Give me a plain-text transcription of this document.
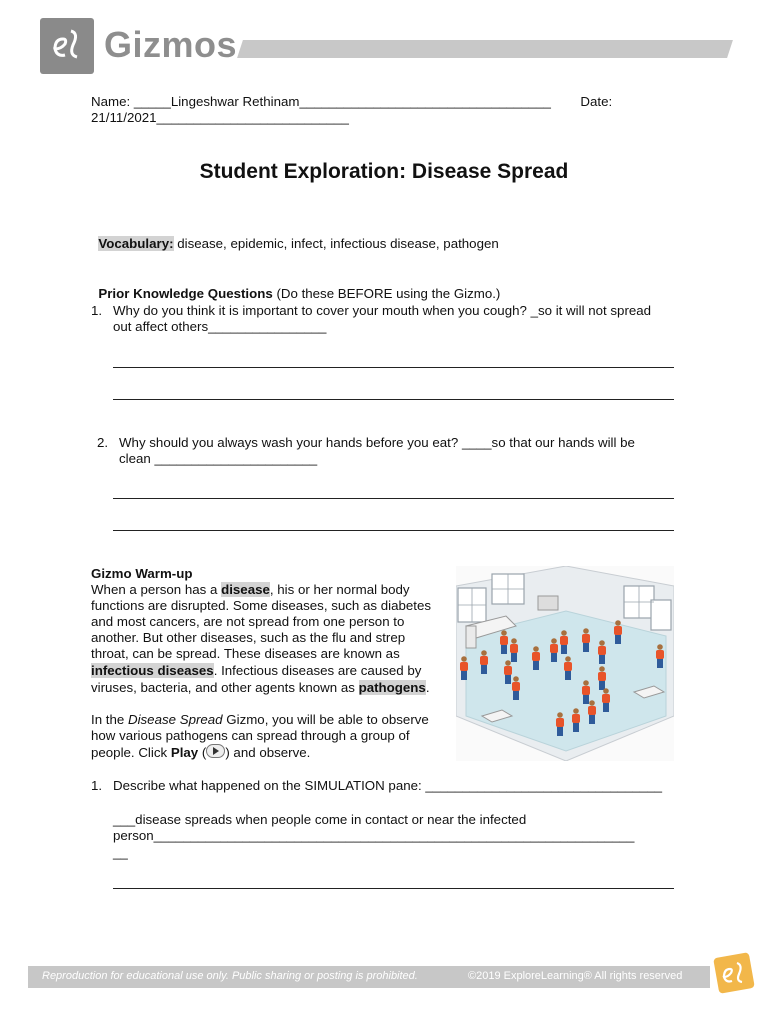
Gizmos
Name: _____Lingeshwar Rethinam__________________________________        Date:
21/11/2021__________________________
Student Exploration: Disease Spread

Vocabulary: disease, epidemic, infect, infectious disease, pathogen

Prior Knowledge Questions (Do these BEFORE using the Gizmo.)

1. Why do you think it is important to cover your mouth when you cough? _so it will not spread
out affect others________________
2. Why should you always wash your hands before you eat? ____so that our hands will be
clean ______________________
Gizmo Warm-up
When a person has a disease, his or her normal body
functions are disrupted. Some diseases, such as diabetes
and most cancers, are not spread from one person to
another. But other diseases, such as the flu and strep
throat, can be spread. These diseases are known as
infectious diseases. Infectious diseases are caused by
viruses, bacteria, and other agents known as pathogens.
In the Disease Spread Gizmo, you will be able to observe
how various pathogens can spread through a group of
people. Click Play ( ) and observe.
1. Describe what happened on the SIMULATION pane: ________________________________
___disease spreads when people come in contact or near the infected
person_________________________________________________________________
__
Reproduction for educational use only. Public sharing or posting is prohibited.	©2019 ExploreLearning® All rights reserved
